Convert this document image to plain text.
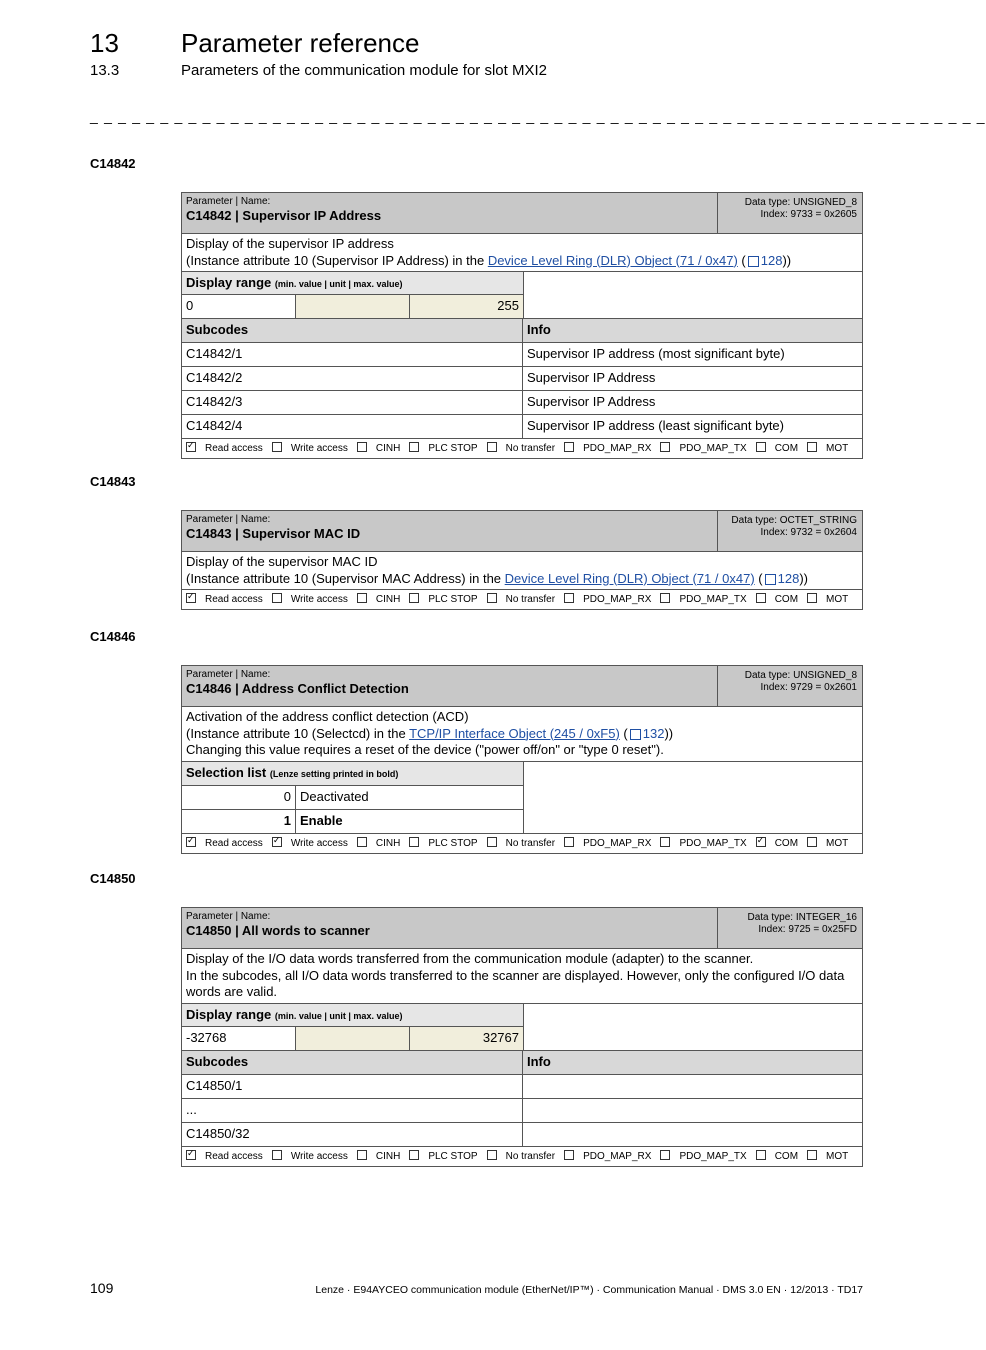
13 Parameter reference
13.3	Parameters of the communication module for slot MXI2
_ _ _ _ _ _ _ _ _ _ _ _ _ _ _ _ _ _ _ _ _ _ _ _ _ _ _ _ _ _ _ _ _ _ _ _ _ _ _ _ _ _ _ _ _ _ _ _ _ _ _ _ _ _ _ _ _ _ _ _ _ _ _ _
C14842
Parameter | Name:
C14842 | Supervisor IP Address
Data type: UNSIGNED_8
Index: 9733 = 0x2605
Display of the supervisor IP address
(Instance attribute 10 (Supervisor IP Address) in the Device Level Ring (DLR) Object (71 / 0x47) ( 128))
Display range (min. value | unit | max. value)
0	255
Subcodes	Info
C14842/1	Supervisor IP address (most significant byte)
C14842/2	Supervisor IP Address
C14842/3	Supervisor IP Address
C14842/4	Supervisor IP address (least significant byte)
✓Read access	Write access	CINH	PLC STOP	No transfer	PDO_MAP_RX	PDO_MAP_TX	COM	MOT
C14843
Parameter | Name:
C14843 | Supervisor MAC ID
Data type: OCTET_STRING
Index: 9732 = 0x2604
Display of the supervisor MAC ID
(Instance attribute 10 (Supervisor MAC Address) in the Device Level Ring (DLR) Object (71 / 0x47) ( 128))
✓Read access	Write access	CINH	PLC STOP	No transfer	PDO_MAP_RX	PDO_MAP_TX	COM	MOT
C14846
Parameter | Name:
C14846 | Address Conflict Detection
Data type: UNSIGNED_8
Index: 9729 = 0x2601
Activation of the address conflict detection (ACD)
(Instance attribute 10 (Selectcd) in the TCP/IP Interface Object (245 / 0xF5) ( 132))
Changing this value requires a reset of the device ("power off/on" or "type 0 reset").
Selection list (Lenze setting printed in bold)
0 Deactivated
1 Enable
✓Read access ✓	Write access	CINH	PLC STOP	No transfer	PDO_MAP_RX	PDO_MAP_TX ✓	COM	MOT
C14850
Parameter | Name:
C14850 | All words to scanner
Data type: INTEGER_16
Index: 9725 = 0x25FD
Display of the I/O data words transferred from the communication module (adapter) to the scanner.
In the subcodes, all I/O data words transferred to the scanner are displayed. However, only the configured I/O data words are valid.
Display range (min. value | unit | max. value)
-32768	32767
Subcodes	Info
C14850/1
...
C14850/32
✓Read access	Write access	CINH	PLC STOP	No transfer	PDO_MAP_RX	PDO_MAP_TX	COM	MOT
109	Lenze · E94AYCEO communication module (EtherNet/IP™) · Communication Manual · DMS 3.0 EN · 12/2013 · TD17
